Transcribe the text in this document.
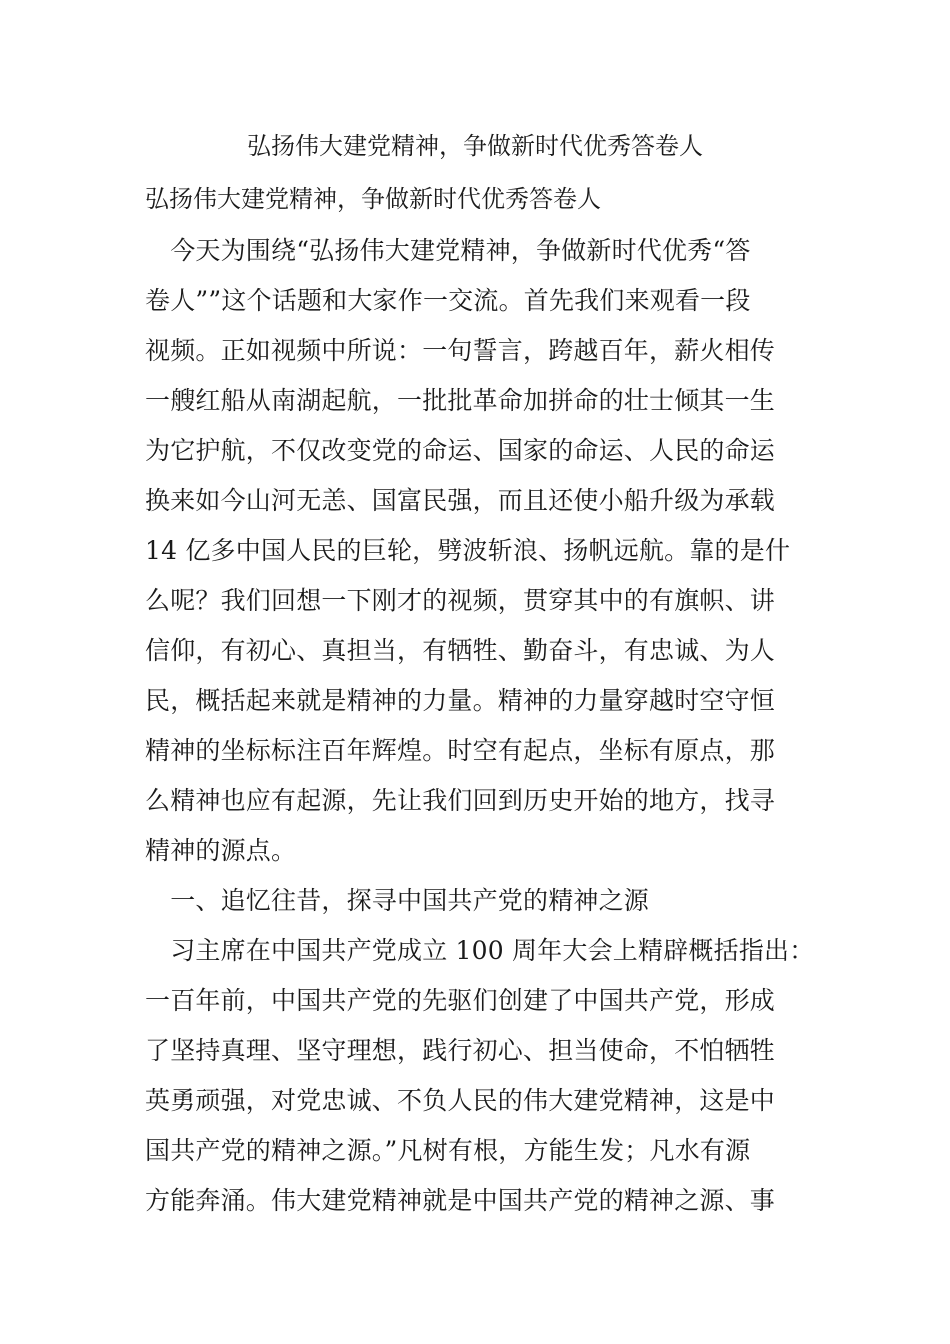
弘扬伟大建党精神，争做新时代优秀答卷人
弘扬伟大建党精神，争做新时代优秀答卷人
　今天为围绕“弘扬伟大建党精神，争做新时代优秀“答
卷人””这个话题和大家作一交流。首先我们来观看一段
视频。正如视频中所说：一句誓言，跨越百年，薪火相传
一艘红船从南湖起航，一批批革命加拼命的壮士倾其一生
为它护航，不仅改变党的命运、国家的命运、人民的命运
换来如今山河无恙、国富民强，而且还使小船升级为承载
14 亿多中国人民的巨轮，劈波斩浪、扬帆远航。靠的是什
么呢？我们回想一下刚才的视频，贯穿其中的有旗帜、讲
信仰，有初心、真担当，有牺牲、勤奋斗，有忠诚、为人
民，概括起来就是精神的力量。精神的力量穿越时空守恒
精神的坐标标注百年辉煌。时空有起点，坐标有原点，那
么精神也应有起源，先让我们回到历史开始的地方，找寻
精神的源点。
　一、追忆往昔，探寻中国共产党的精神之源
　习主席在中国共产党成立 100 周年大会上精辟概括指出：
一百年前，中国共产党的先驱们创建了中国共产党，形成
了坚持真理、坚守理想，践行初心、担当使命，不怕牺牲
英勇顽强，对党忠诚、不负人民的伟大建党精神，这是中
国共产党的精神之源。”凡树有根，方能生发；凡水有源
方能奔涌。伟大建党精神就是中国共产党的精神之源、事
